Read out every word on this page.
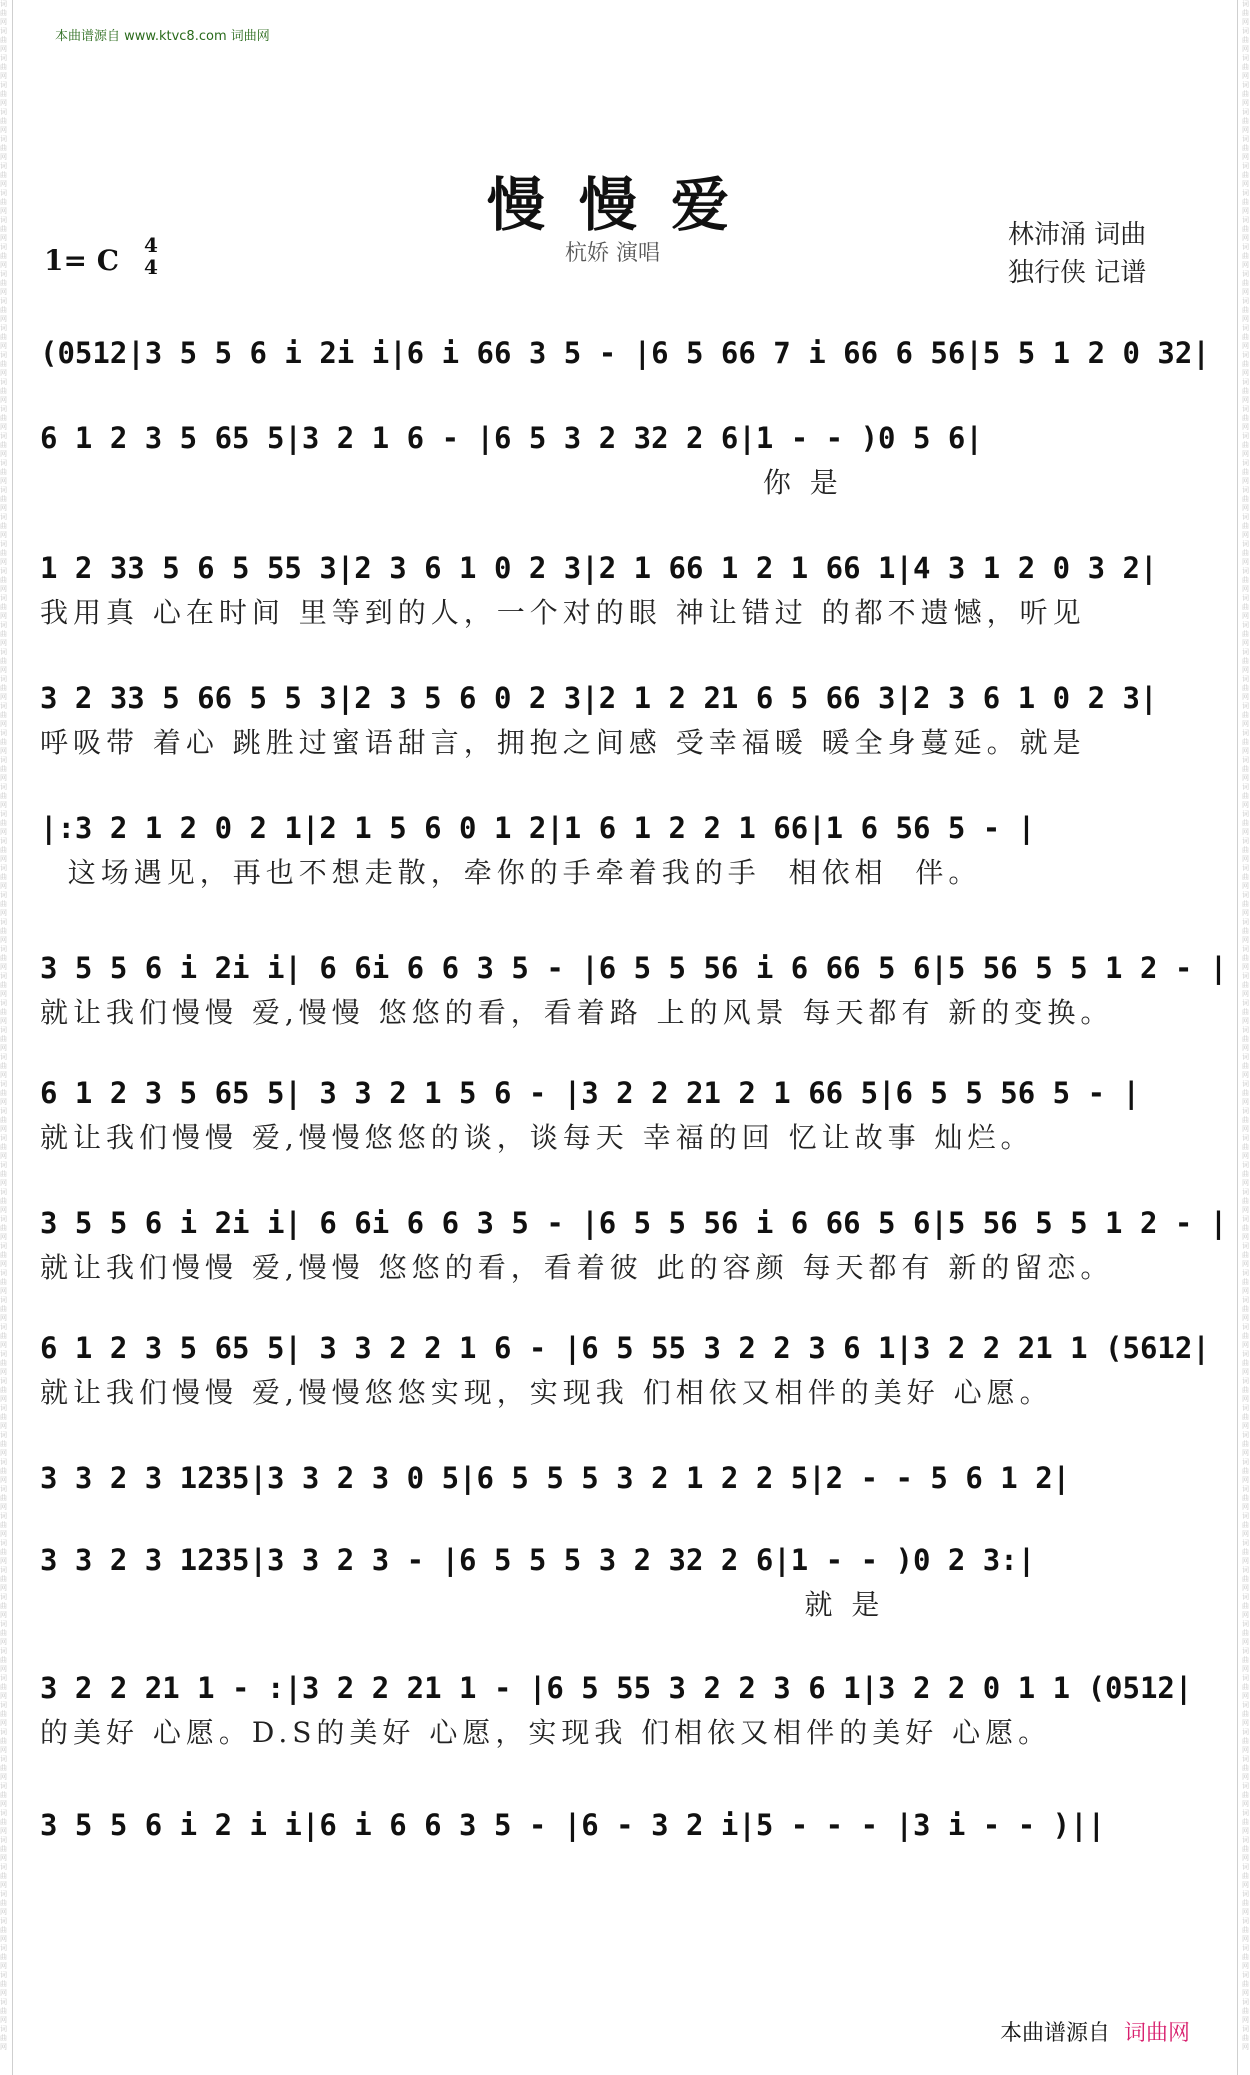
词曲网词曲网词曲网词曲网词曲网词曲网词曲网词曲网词曲网词曲网词曲网词曲网词曲网词曲网词曲网词曲网词曲网词曲网词曲网词曲网词曲网词曲网词曲网词曲网词曲网词曲网词曲网词曲网词曲网词曲网词曲网词曲网词曲网词曲网词曲网词曲网词曲网词曲网词曲网词曲网词曲网词曲网词曲网词曲网词曲网词曲网词曲网词曲网词曲网词曲网词曲网词曲网词曲网词曲网词曲网词曲网词曲网词曲网词曲网词曲网词曲网词曲网词曲网词曲网词曲网词曲网词曲网词曲网词曲网词曲网词曲网词曲网词曲网词曲网词曲网词曲网
词曲网词曲网词曲网词曲网词曲网词曲网词曲网词曲网词曲网词曲网词曲网词曲网词曲网词曲网词曲网词曲网词曲网词曲网词曲网词曲网词曲网词曲网词曲网词曲网词曲网词曲网词曲网词曲网词曲网词曲网词曲网词曲网词曲网词曲网词曲网词曲网词曲网词曲网词曲网词曲网词曲网词曲网词曲网词曲网词曲网词曲网词曲网词曲网词曲网词曲网词曲网词曲网词曲网词曲网词曲网词曲网词曲网词曲网词曲网词曲网词曲网词曲网词曲网词曲网词曲网词曲网词曲网词曲网词曲网词曲网词曲网词曲网词曲网词曲网词曲网词曲网
本曲谱源自 www.ktvc8.com 词曲网
慢慢爱
杭娇 演唱
1= C 4
4
林沛涌 词曲
独行侠 记谱
(0512|3 5 5 6 i 2i i|6 i 66 3 5 - |6 5 66 7 i 66 6 56|5 5 1 2 0 32|
6 1 2 3 5 65 5|3 2 1 6 - |6 5 3 2 32 2 6|1 - - )0 5 6|
你 是
1 2 33 5 6 5 55 3|2 3 6 1 0 2 3|2 1 66 1 2 1 66 1|4 3 1 2 0 3 2|
我用真 心在时间 里等到的人，一个对的眼 神让错过 的都不遗憾，听见
3 2 33 5 66 5 5 3|2 3 5 6 0 2 3|2 1 2 21 6 5 66 3|2 3 6 1 0 2 3|
呼吸带 着心 跳胜过蜜语甜言，拥抱之间感 受幸福暖 暖全身蔓延。就是
|:3 2 1 2 0 2 1|2 1 5 6 0 1 2|1 6 1 2 2 1 66|1 6 56 5 - |
这场遇见，再也不想走散，牵你的手牵着我的手  相依相  伴。
3 5 5 6 i 2i i| 6 6i 6 6 3 5 - |6 5 5 56 i 6 66 5 6|5 56 5 5 1 2 - |
就让我们慢慢 爱,慢慢 悠悠的看，看着路 上的风景 每天都有 新的变换。
6 1 2 3 5 65 5| 3 3 2 1 5 6 - |3 2 2 21 2 1 66 5|6 5 5 56 5 - |
就让我们慢慢 爱,慢慢悠悠的谈，谈每天 幸福的回 忆让故事 灿烂。
3 5 5 6 i 2i i| 6 6i 6 6 3 5 - |6 5 5 56 i 6 66 5 6|5 56 5 5 1 2 - |
就让我们慢慢 爱,慢慢 悠悠的看，看着彼 此的容颜 每天都有 新的留恋。
6 1 2 3 5 65 5| 3 3 2 2 1 6 - |6 5 55 3 2 2 3 6 1|3 2 2 21 1 (5612|
就让我们慢慢 爱,慢慢悠悠实现，实现我 们相依又相伴的美好 心愿。
3 3 2 3 1235|3 3 2 3 0 5|6 5 5 5 3 2 1 2 2 5|2 - - 5 6 1 2|
3 3 2 3 1235|3 3 2 3 - |6 5 5 5 3 2 32 2 6|1 - - )0 2 3:|
就 是
3 2 2 21 1 - :|3 2 2 21 1 - |6 5 55 3 2 2 3 6 1|3 2 2 0 1 1 (0512|
的美好 心愿。D.S的美好 心愿，实现我 们相依又相伴的美好 心愿。
3 5 5 6 i 2 i i|6 i 6 6 3 5 - |6 - 3 2 i|5 - - - |3 i - - )||
本曲谱源自 词曲网
